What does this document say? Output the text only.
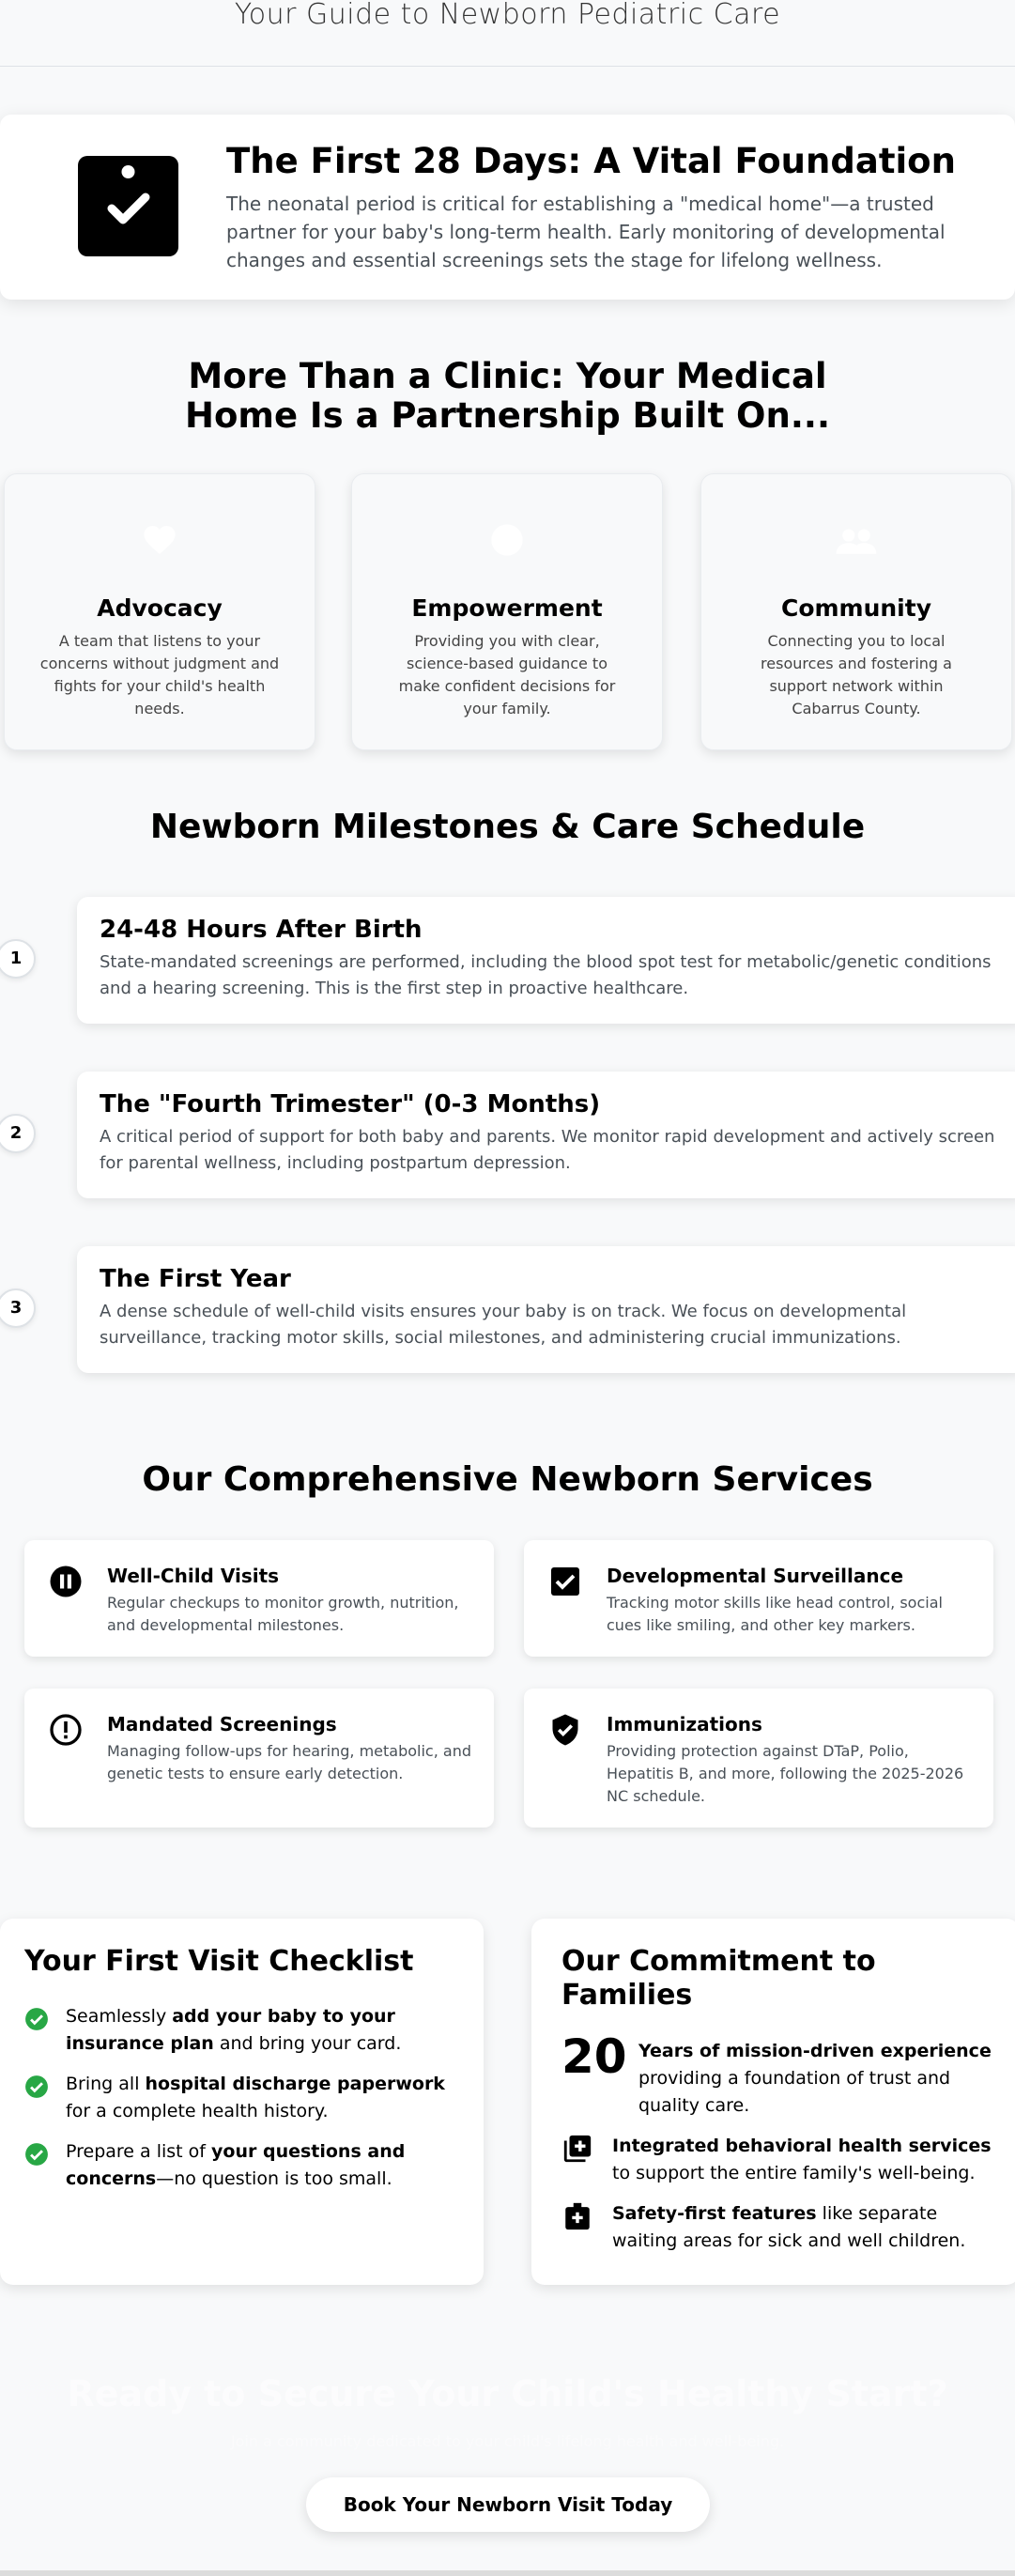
Your Guide to Newborn Pediatric Care
The First 28 Days: A Vital Foundation
The neonatal period is critical for establishing a "medical home"—a trusted partner for your baby's long-term health. Early monitoring of developmental changes and essential screenings sets the stage for lifelong wellness.
More Than a Clinic: Your Medical Home Is a Partnership Built On...
Advocacy
A team that listens to your concerns without judgment and fights for your child's health needs.
Empowerment
Providing you with clear, science-based guidance to make confident decisions for your family.
Community
Connecting you to local resources and fostering a support network within Cabarrus County.
Newborn Milestones & Care Schedule
1
24-48 Hours After Birth
State-mandated screenings are performed, including the blood spot test for metabolic/genetic conditions and a hearing screening. This is the first step in proactive healthcare.
2
The "Fourth Trimester" (0-3 Months)
A critical period of support for both baby and parents. We monitor rapid development and actively screen for parental wellness, including postpartum depression.
3
The First Year
A dense schedule of well-child visits ensures your baby is on track. We focus on developmental surveillance, tracking motor skills, social milestones, and administering crucial immunizations.
Our Comprehensive Newborn Services
Well-Child Visits
Regular checkups to monitor growth, nutrition, and developmental milestones.
Developmental Surveillance
Tracking motor skills like head control, social cues like smiling, and other key markers.
Mandated Screenings
Managing follow-ups for hearing, metabolic, and genetic tests to ensure early detection.
Immunizations
Providing protection against DTaP, Polio, Hepatitis B, and more, following the 2025-2026 NC schedule.
Your First Visit Checklist
Seamlessly add your baby to your insurance plan and bring your card.
Bring all hospital discharge paperwork for a complete health history.
Prepare a list of your questions and concerns—no question is too small.
Our Commitment to Families
20 Years of mission-driven experience providing a foundation of trust and quality care.
Integrated behavioral health services to support the entire family's well-being.
Safety-first features like separate waiting areas for sick and well children.
Ready to Secure Your Child's Healthy Start?
Join a community dedicated to your child's lifelong health and well-being.
Book Your Newborn Visit Today
